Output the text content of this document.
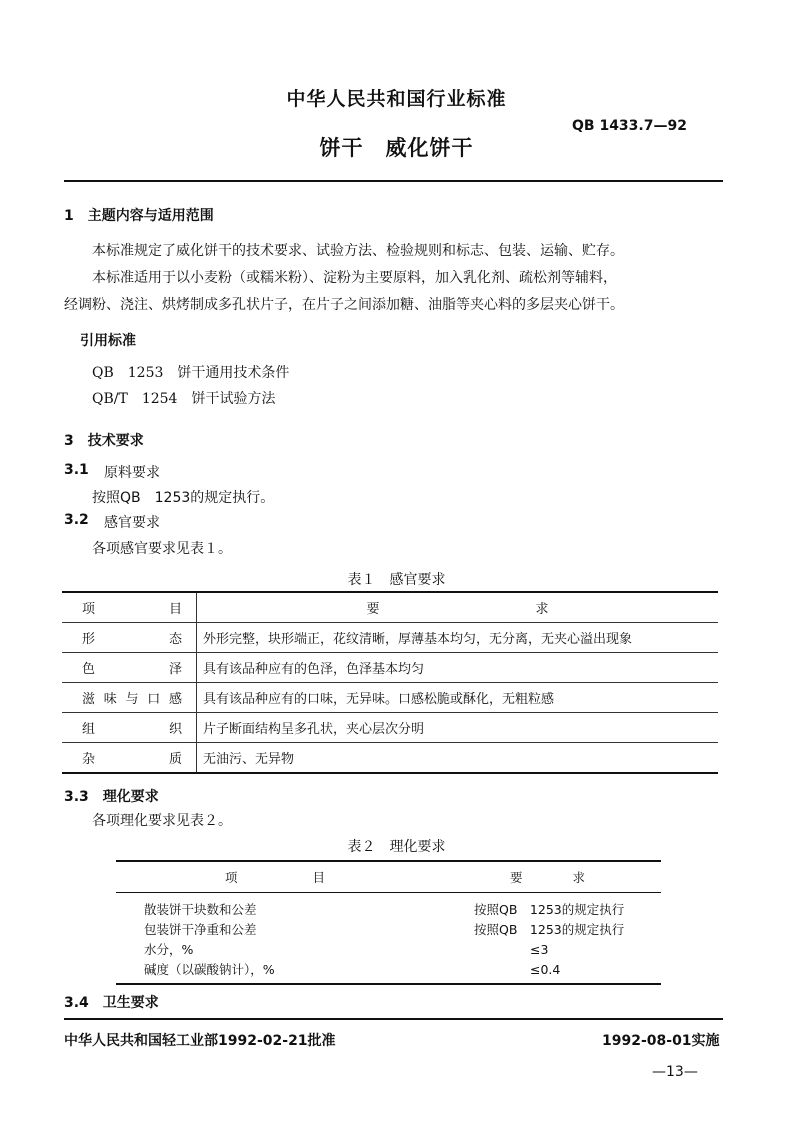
中华人民共和国行业标准
QB 1433.7—92
饼干　威化饼干
1　主题内容与适用范围
本标准规定了威化饼干的技术要求、试验方法、检验规则和标志、包装、运输、贮存。
本标准适用于以小麦粉（或糯米粉）、淀粉为主要原料，加入乳化剂、疏松剂等辅料，
经调粉、浇注、烘烤制成多孔状片子，在片子之间添加糖、油脂等夹心料的多层夹心饼干。
引用标准
QB　1253　饼干通用技术条件
QB/T　1254　饼干试验方法
3　技术要求
3.1 原料要求
按照QB　1253的规定执行。
3.2 感官要求
各项感官要求见表１。
表１　感官要求
项　　目	要　　　　　　　　　　　　求
形　　态	外形完整，块形端正，花纹清晰，厚薄基本均匀，无分离，无夹心溢出现象
色　　泽	具有该品种应有的色泽，色泽基本均匀
滋味与口感	具有该品种应有的口味，无异味。口感松脆或酥化，无粗粒感
组　　织	片子断面结构呈多孔状，夹心层次分明
杂　　质	无油污、无异物
3.3　理化要求
各项理化要求见表２。
表２　理化要求
项　　　　　　目	要　　　　求
散装饼干块数和公差	按照QB　1253的规定执行
包装饼干净重和公差	按照QB　1253的规定执行
水分，%	≤3
碱度（以碳酸钠计），%	≤0.4
3.4　卫生要求
中华人民共和国轻工业部1992-02-21批准	1992-08-01实施
—13—
